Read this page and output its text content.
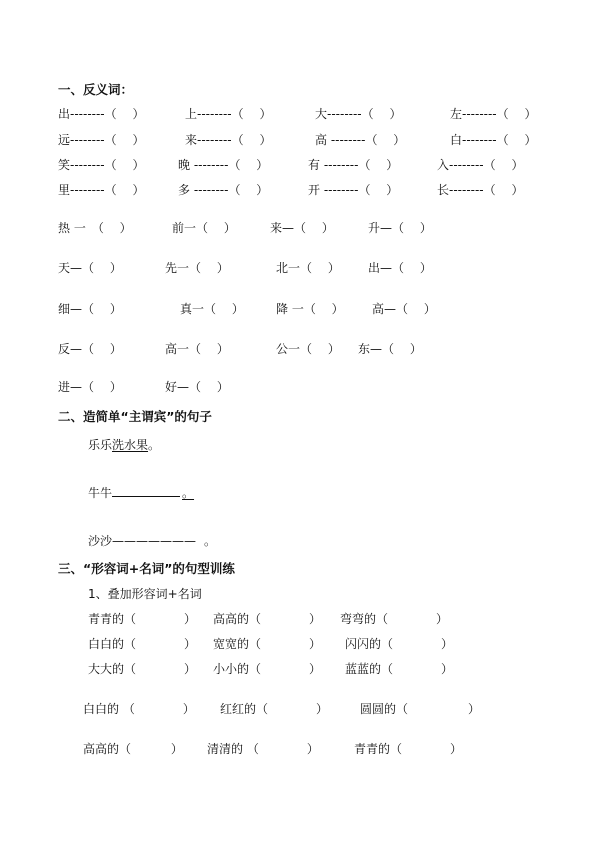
一、反义词：
出--------（　 ）	上--------（　 ）	大--------（　 ）	左--------（　 ）
远--------（　 ）	来--------（　 ）	高 --------（　 ）	白--------（　 ）
笑--------（　 ）	晚 --------（　 ）	有 --------（　 ）	入--------（　 ）
里--------（　 ）	多 --------（　 ）	开 --------（　 ）	长--------（　 ）
热 一　（　 ）	前一（　 ）	来—（　 ）	升—（　 ）
天—（　 ）	先一（　 ）	北一（　 ） 出—（　 ）
细—（　 ）	真一（　 ）	降 一（　 ） 高—（　 ）
反—（　 ）	高一（　 ）	公一（　 ） 东—（　 ）
进—（　 ）	好—（　 ）
二、造简单“主谓宾”的句子
乐乐洗水果。
牛牛	。
沙沙——————— 。
三、“形容词+名词”的句型训练
1、叠加形容词+名词
青青的（　　　　） 高高的（　　　　） 弯弯的（　　　　）
白白的（　　　　） 宽宽的（　　　　） 闪闪的（　　　　）
大大的（　　　　） 小小的（　　　　） 蓝蓝的（　　　　）
白白的 （　　　　） 红红的（　　　　）	圆圆的（　　　　　）
高高的（　　　 ） 清清的 （　　　　）	青青的（　　　　）
